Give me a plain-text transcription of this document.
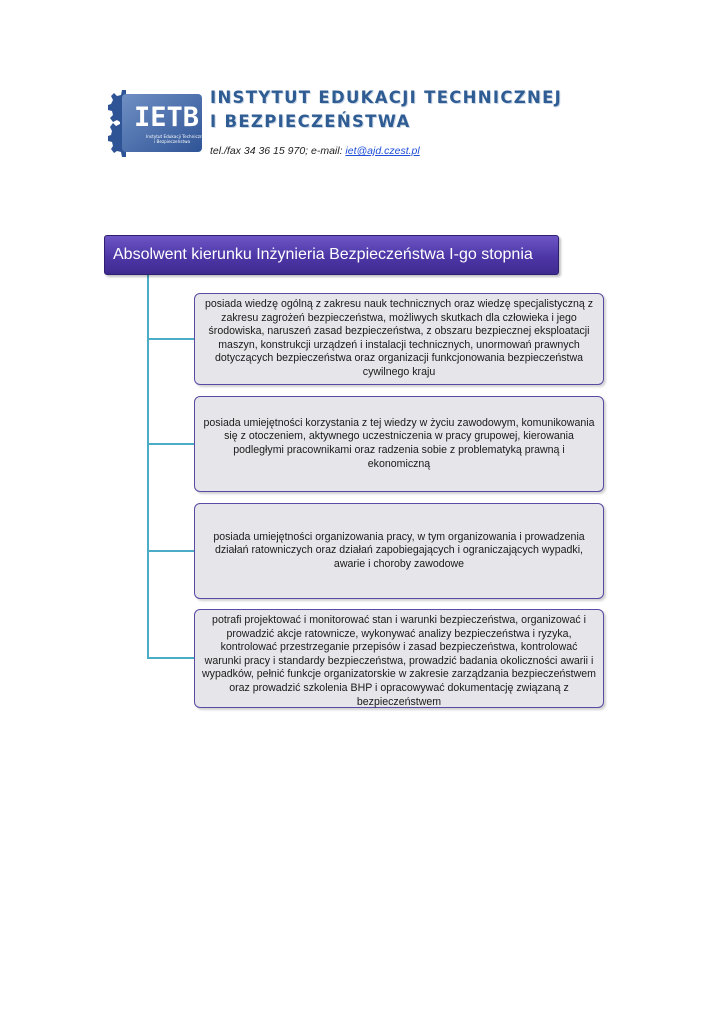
IETB
Instytut Edukacji Technicznej
i Bezpieczeństwa
INSTYTUT EDUKACJI TECHNICZNEJ
I BEZPIECZEŃSTWA
tel./fax 34 36 15 970; e-mail: iet@ajd.czest.pl
Absolwent kierunku Inżynieria Bezpieczeństwa I-go stopnia
posiada wiedzę ogólną z zakresu nauk technicznych oraz wiedzę specjalistyczną z zakresu zagrożeń bezpieczeństwa, możliwych skutkach dla człowieka i jego środowiska, naruszeń zasad bezpieczeństwa, z obszaru bezpiecznej eksploatacji maszyn, konstrukcji urządzeń i instalacji technicznych, unormowań prawnych dotyczących bezpieczeństwa oraz organizacji funkcjonowania bezpieczeństwa cywilnego kraju
posiada umiejętności korzystania z tej wiedzy w życiu zawodowym, komunikowania się z otoczeniem, aktywnego uczestniczenia w pracy grupowej, kierowania podległymi pracownikami oraz radzenia sobie z problematyką prawną i ekonomiczną
posiada umiejętności organizowania pracy, w tym organizowania i prowadzenia działań ratowniczych oraz działań zapobiegających i ograniczających wypadki, awarie i choroby zawodowe
potrafi projektować i monitorować stan i warunki bezpieczeństwa, organizować i prowadzić akcje ratownicze, wykonywać analizy bezpieczeństwa i ryzyka, kontrolować przestrzeganie przepisów i zasad bezpieczeństwa, kontrolować warunki pracy i standardy bezpieczeństwa, prowadzić badania okoliczności awarii i wypadków, pełnić funkcje organizatorskie w zakresie zarządzania bezpieczeństwem oraz prowadzić szkolenia BHP i opracowywać dokumentację związaną z bezpieczeństwem
